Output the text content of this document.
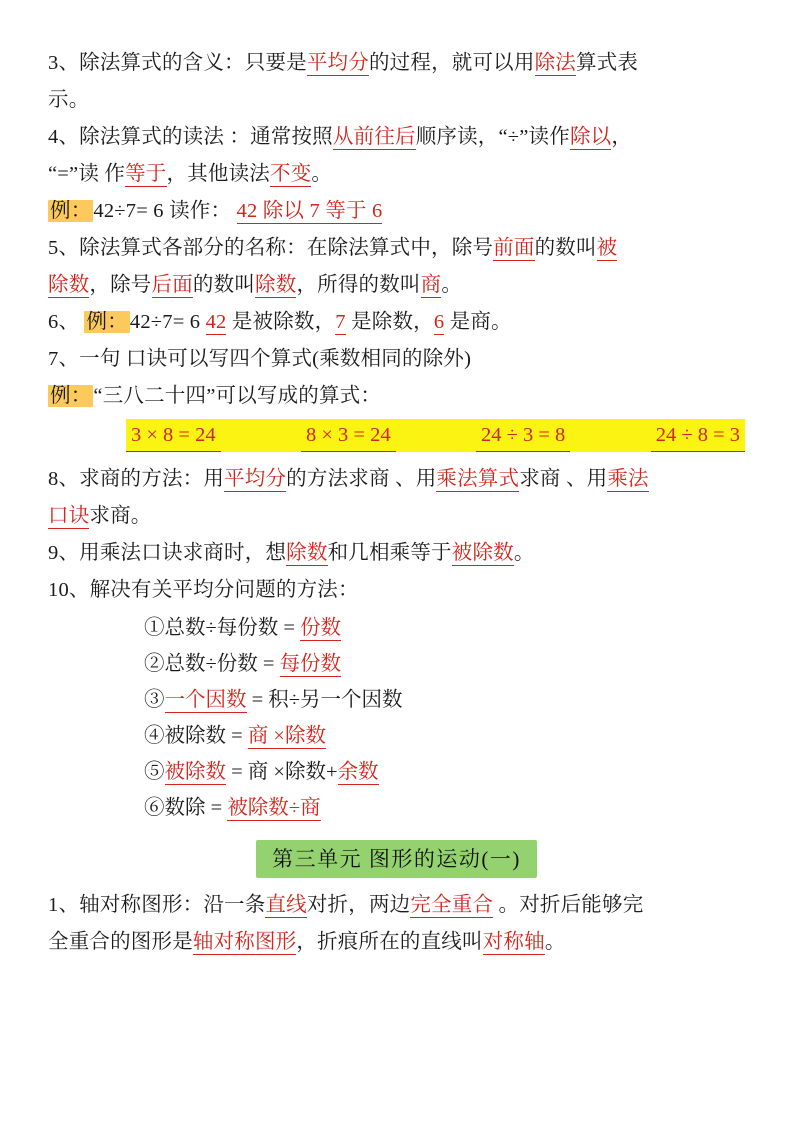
3、除法算式的含义：只要是平均分的过程，就可以用除法算式表
示。
4、除法算式的读法 ：通常按照从前往后顺序读，“÷”读作除以，
“=”读 作等于，其他读法不变。
例：42÷7= 6 读作： 42 除以 7 等于 6
5、除法算式各部分的名称：在除法算式中，除号前面的数叫被
除数，除号后面的数叫除数，所得的数叫商。
6、 例：42÷7= 6 42 是被除数，7 是除数，6 是商。
7、一句 口诀可以写四个算式(乘数相同的除外)
例：“三八二十四”可以写成的算式：
3 × 8 = 24
	8 × 3 = 24
	24 ÷ 3 = 8
	24 ÷ 8 = 3
8、求商的方法：用平均分的方法求商 、用乘法算式求商 、用乘法
口诀求商。
9、用乘法口诀求商时，想除数和几相乘等于被除数。
10、解决有关平均分问题的方法：
①总数÷每份数 = 份数
②总数÷份数 = 每份数
③一个因数 = 积÷另一个因数
④被除数 = 商 ×除数
⑤被除数 = 商 ×除数+余数
⑥数除 = 被除数÷商
第三单元 图形的运动(一)
1、轴对称图形：沿一条直线对折，两边完全重合 。对折后能够完
全重合的图形是轴对称图形，折痕所在的直线叫对称轴。
